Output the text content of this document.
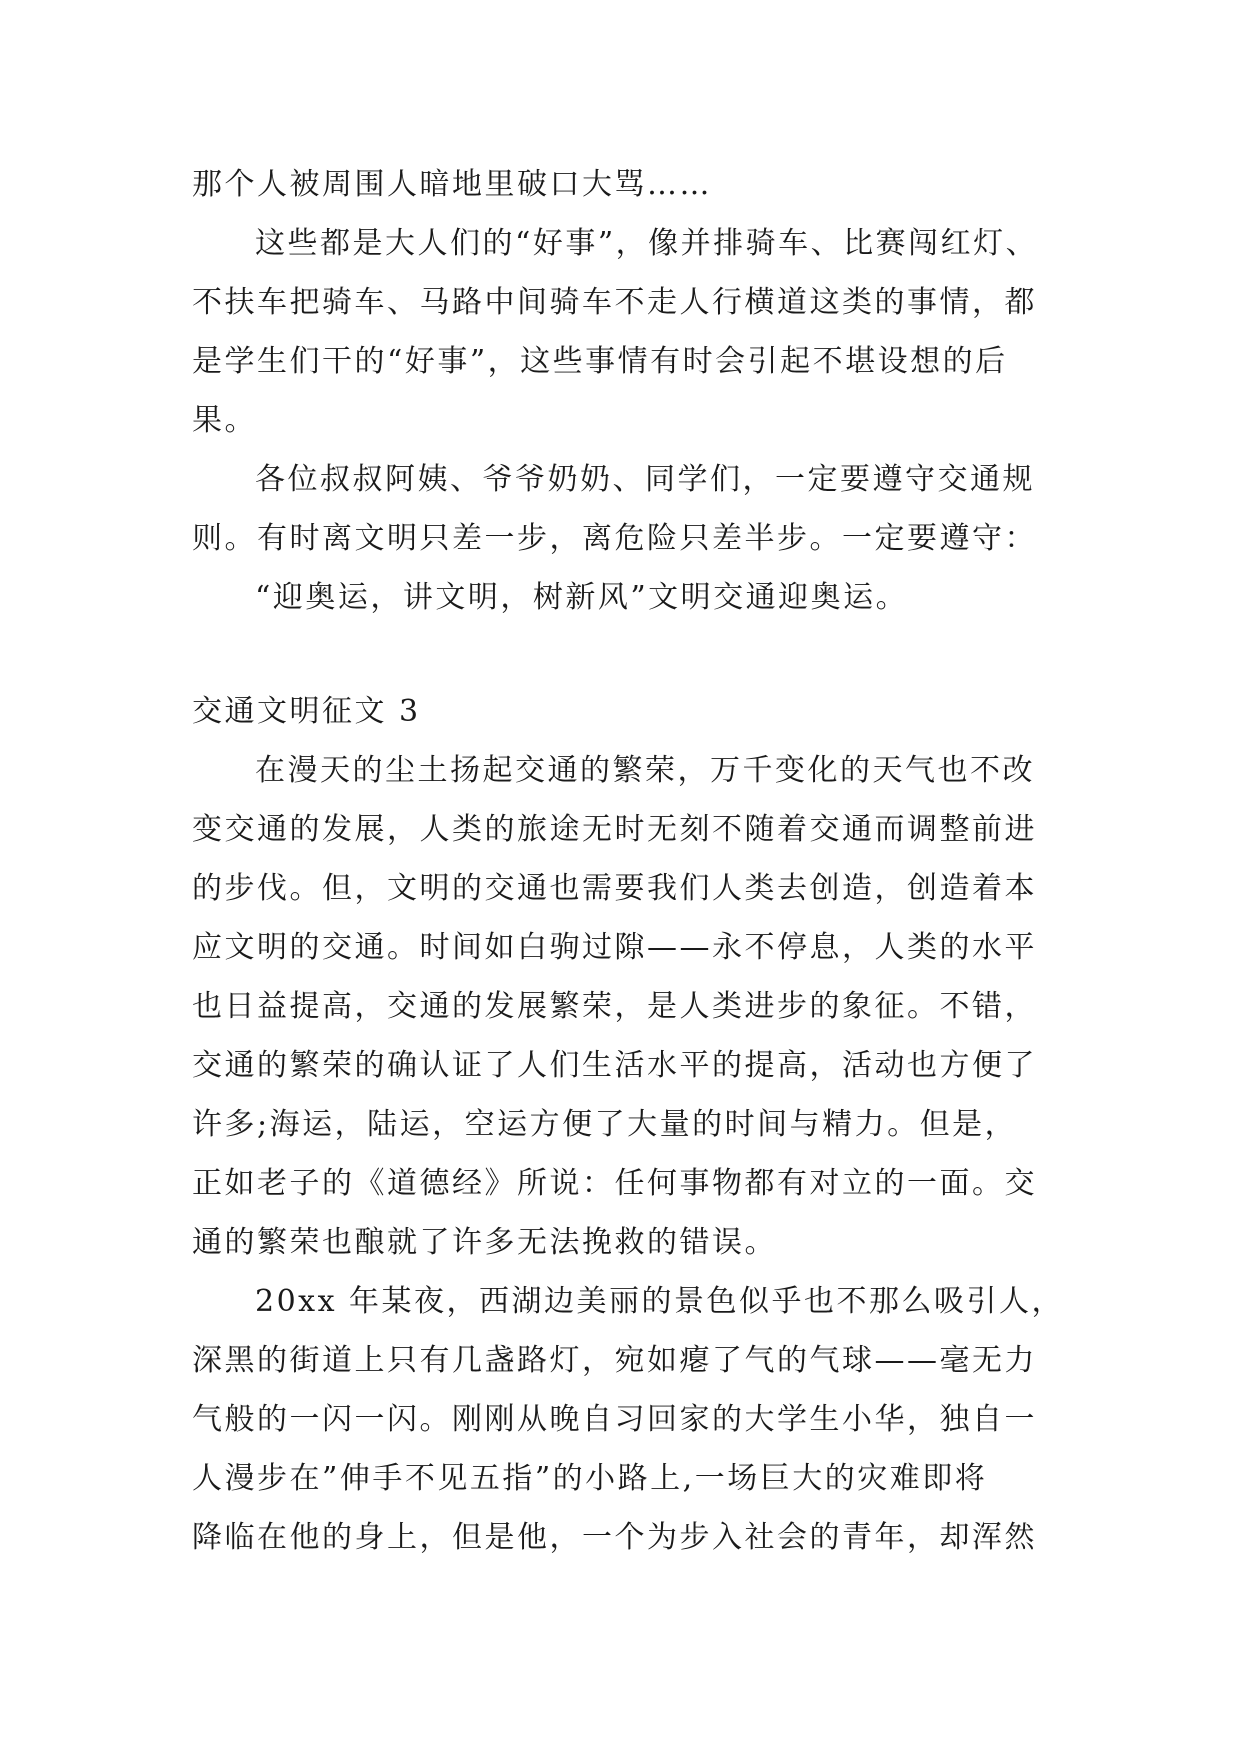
那个人被周围人暗地里破口大骂……
这些都是大人们的“好事”，像并排骑车、比赛闯红灯、
不扶车把骑车、马路中间骑车不走人行横道这类的事情，都
是学生们干的“好事”，这些事情有时会引起不堪设想的后
果。
各位叔叔阿姨、爷爷奶奶、同学们，一定要遵守交通规
则。有时离文明只差一步，离危险只差半步。一定要遵守：
“迎奥运，讲文明，树新风”文明交通迎奥运。
交通文明征文 3
在漫天的尘土扬起交通的繁荣，万千变化的天气也不改
变交通的发展，人类的旅途无时无刻不随着交通而调整前进
的步伐。但，文明的交通也需要我们人类去创造，创造着本
应文明的交通。时间如白驹过隙——永不停息，人类的水平
也日益提高，交通的发展繁荣，是人类进步的象征。不错，
交通的繁荣的确认证了人们生活水平的提高，活动也方便了
许多;海运，陆运，空运方便了大量的时间与精力。但是，
正如老子的《道德经》所说：任何事物都有对立的一面。交
通的繁荣也酿就了许多无法挽救的错误。
20xx 年某夜，西湖边美丽的景色似乎也不那么吸引人，
深黑的街道上只有几盏路灯，宛如瘪了气的气球——毫无力
气般的一闪一闪。刚刚从晚自习回家的大学生小华，独自一
人漫步在”伸手不见五指”的小路上,一场巨大的灾难即将
降临在他的身上，但是他，一个为步入社会的青年，却浑然
